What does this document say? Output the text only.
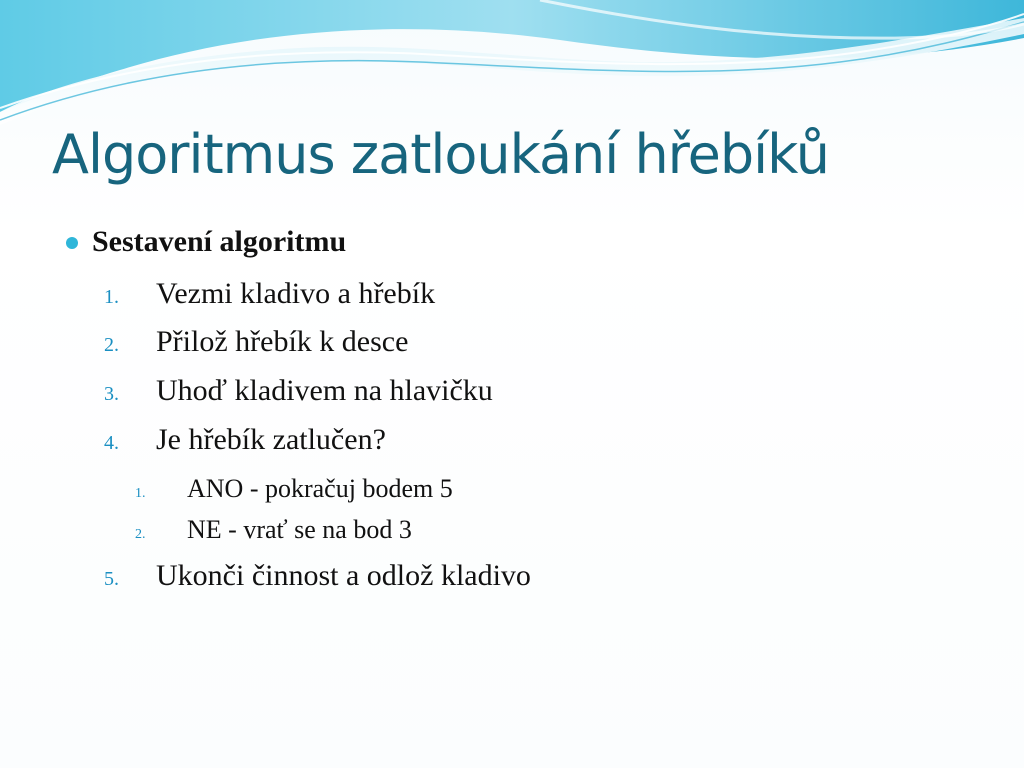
Algoritmus zatloukání hřebíků
Sestavení algoritmu
1.	Vezmi kladivo a hřebík
2.	Přilož hřebík k desce
3.	Uhoď kladivem na hlavičku
4.	Je hřebík zatlučen?
1.	ANO - pokračuj bodem 5
2.	NE - vrať se na bod 3
5.	Ukonči činnost a odlož kladivo
